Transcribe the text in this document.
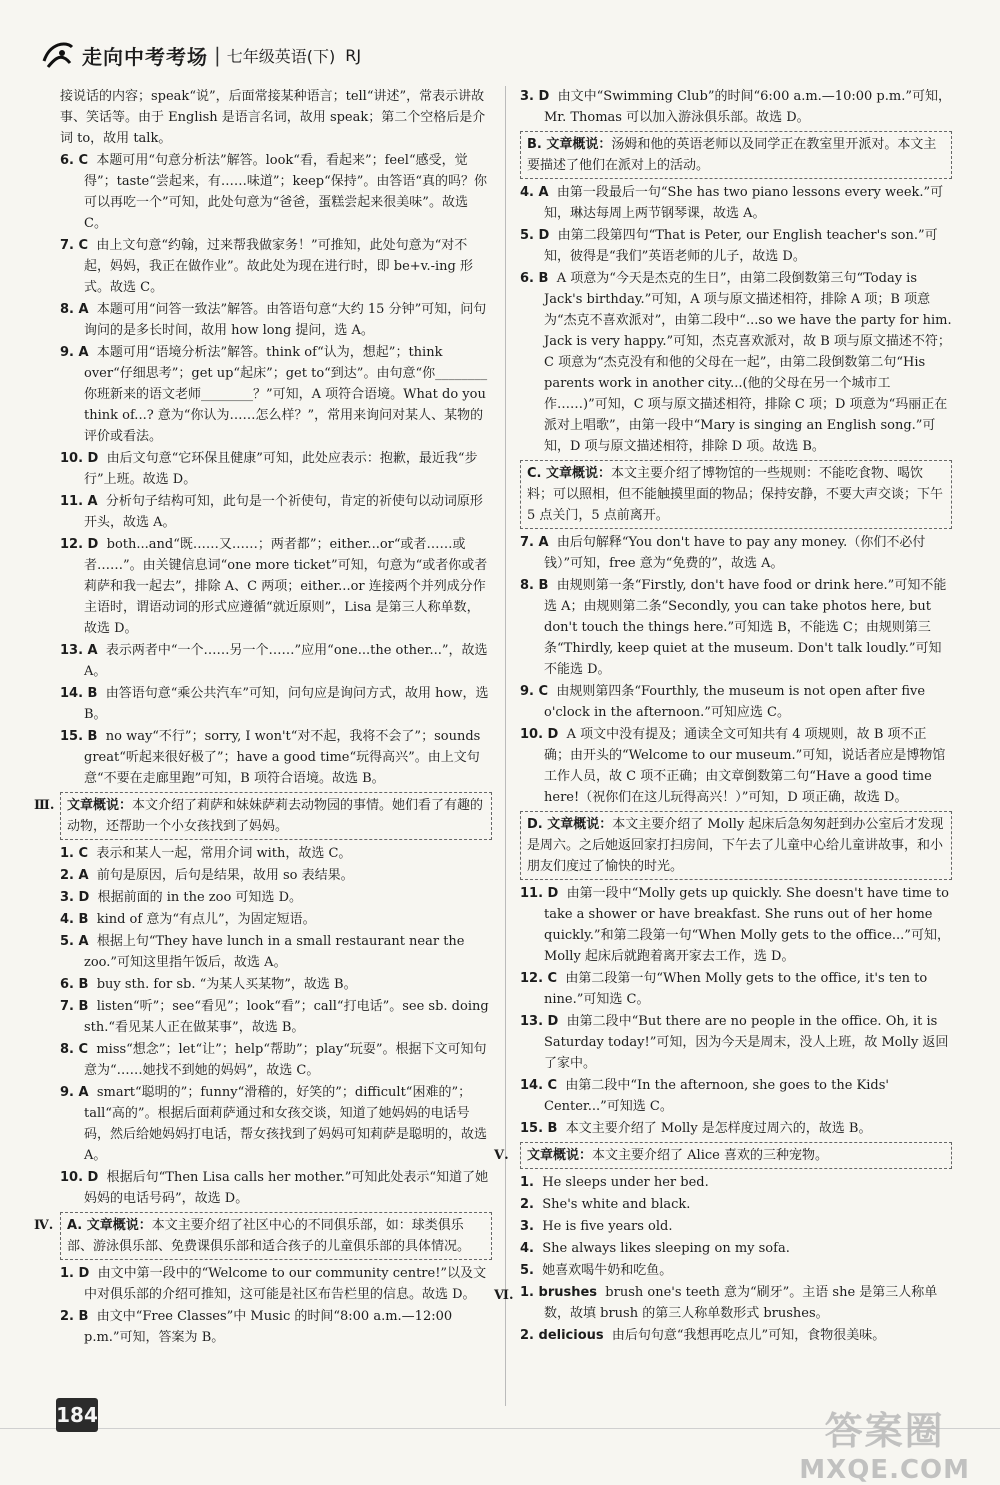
走向中考考场 | 七年级英语(下) RJ
接说话的内容；speak“说”，后面常接某种语言；tell“讲述”，常表示讲故事、笑话等。由于 English 是语言名词，故用 speak；第二个空格后是介词 to，故用 talk。
6. C 本题可用“句意分析法”解答。look“看，看起来”；feel“感受，觉得”；taste“尝起来，有……味道”；keep“保持”。由答语“真的吗？你可以再吃一个”可知，此处句意为“爸爸，蛋糕尝起来很美味”。故选 C。
7. C 由上文句意“约翰，过来帮我做家务！”可推知，此处句意为“对不起，妈妈，我正在做作业”。故此处为现在进行时，即 be+v.-ing 形式。故选 C。
8. A 本题可用“问答一致法”解答。由答语句意“大约 15 分钟”可知，问句询问的是多长时间，故用 how long 提问，选 A。
9. A 本题可用“语境分析法”解答。think of“认为，想起”；think over“仔细思考”；get up“起床”；get to“到达”。由句意“你________你班新来的语文老师________？”可知，A 项符合语境。What do you think of...? 意为“你认为……怎么样？”，常用来询问对某人、某物的评价或看法。
10. D 由后文句意“它环保且健康”可知，此处应表示：抱歉，最近我“步行”上班。故选 D。
11. A 分析句子结构可知，此句是一个祈使句，肯定的祈使句以动词原形开头，故选 A。
12. D both...and“既……又……；两者都”；either...or“或者……或者……”。由关键信息词“one more ticket”可知，句意为“或者你或者莉萨和我一起去”，排除 A、C 两项；either...or 连接两个并列成分作主语时，谓语动词的形式应遵循“就近原则”，Lisa 是第三人称单数，故选 D。
13. A 表示两者中“一个……另一个……”应用“one...the other...”，故选 A。
14. B 由答语句意“乘公共汽车”可知，问句应是询问方式，故用 how，选 B。
15. B no way“不行”；sorry, I won't“对不起，我将不会了”；sounds great“听起来很好极了”；have a good time“玩得高兴”。由上文句意“不要在走廊里跑”可知，B 项符合语境。故选 B。
Ⅲ. 文章概说：本文介绍了莉萨和妹妹萨莉去动物园的事情。她们看了有趣的动物，还帮助一个小女孩找到了妈妈。
1. C 表示和某人一起，常用介词 with，故选 C。
2. A 前句是原因，后句是结果，故用 so 表结果。
3. D 根据前面的 in the zoo 可知选 D。
4. B kind of 意为“有点儿”，为固定短语。
5. A 根据上句“They have lunch in a small restaurant near the zoo.”可知这里指午饭后，故选 A。
6. B buy sth. for sb. “为某人买某物”，故选 B。
7. B listen“听”；see“看见”；look“看”；call“打电话”。see sb. doing sth.“看见某人正在做某事”，故选 B。
8. C miss“想念”；let“让”；help“帮助”；play“玩耍”。根据下文可知句意为“……她找不到她的妈妈”，故选 C。
9. A smart“聪明的”；funny“滑稽的，好笑的”；difficult“困难的”；tall“高的”。根据后面莉萨通过和女孩交谈，知道了她妈妈的电话号码，然后给她妈妈打电话，帮女孩找到了妈妈可知莉萨是聪明的，故选 A。
10. D 根据后句“Then Lisa calls her mother.”可知此处表示“知道了她妈妈的电话号码”，故选 D。
Ⅳ.	A. 文章概说：本文主要介绍了社区中心的不同俱乐部，如：球类俱乐部、游泳俱乐部、免费课俱乐部和适合孩子的儿童俱乐部的具体情况。
1. D 由文中第一段中的“Welcome to our community centre!”以及文中对俱乐部的介绍可推知，这可能是社区布告栏里的信息。故选 D。
2. B 由文中“Free Classes”中 Music 的时间“8:00 a.m.—12:00 p.m.”可知，答案为 B。
3. D 由文中“Swimming Club”的时间“6:00 a.m.—10:00 p.m.”可知，Mr. Thomas 可以加入游泳俱乐部。故选 D。
B. 文章概说：汤姆和他的英语老师以及同学正在教室里开派对。本文主要描述了他们在派对上的活动。
4. A 由第一段最后一句“She has two piano lessons every week.”可知，琳达每周上两节钢琴课，故选 A。
5. D 由第二段第四句“That is Peter, our English teacher's son.”可知，彼得是“我们”英语老师的儿子，故选 D。
6. B A 项意为“今天是杰克的生日”，由第二段倒数第三句“Today is Jack's birthday.”可知，A 项与原文描述相符，排除 A 项；B 项意为“杰克不喜欢派对”，由第二段中“...so we have the party for him. Jack is very happy.”可知，杰克喜欢派对，故 B 项与原文描述不符；C 项意为“杰克没有和他的父母在一起”，由第二段倒数第二句“His parents work in another city...(他的父母在另一个城市工作……)”可知，C 项与原文描述相符，排除 C 项；D 项意为“玛丽正在派对上唱歌”，由第一段中“Mary is singing an English song.”可知，D 项与原文描述相符，排除 D 项。故选 B。
C. 文章概说：本文主要介绍了博物馆的一些规则：不能吃食物、喝饮料；可以照相，但不能触摸里面的物品；保持安静，不要大声交谈；下午 5 点关门，5 点前离开。
7. A 由后句解释“You don't have to pay any money.（你们不必付钱）”可知，free 意为“免费的”，故选 A。
8. B 由规则第一条“Firstly, don't have food or drink here.”可知不能选 A；由规则第二条“Secondly, you can take photos here, but don't touch the things here.”可知选 B，不能选 C；由规则第三条“Thirdly, keep quiet at the museum. Don't talk loudly.”可知不能选 D。
9. C 由规则第四条“Fourthly, the museum is not open after five o'clock in the afternoon.”可知应选 C。
10. D A 项文中没有提及；通读全文可知共有 4 项规则，故 B 项不正确；由开头的“Welcome to our museum.”可知，说话者应是博物馆工作人员，故 C 项不正确；由文章倒数第二句“Have a good time here!（祝你们在这儿玩得高兴！）”可知，D 项正确，故选 D。
D. 文章概说：本文主要介绍了 Molly 起床后急匆匆赶到办公室后才发现是周六。之后她返回家打扫房间，下午去了儿童中心给儿童讲故事，和小朋友们度过了愉快的时光。
11. D 由第一段中“Molly gets up quickly. She doesn't have time to take a shower or have breakfast. She runs out of her home quickly.”和第二段第一句“When Molly gets to the office...”可知，Molly 起床后就跑着离开家去工作，选 D。
12. C 由第二段第一句“When Molly gets to the office, it's ten to nine.”可知选 C。
13. D 由第二段中“But there are no people in the office. Oh, it is Saturday today!”可知，因为今天是周末，没人上班，故 Molly 返回了家中。
14. C 由第二段中“In the afternoon, she goes to the Kids' Center...”可知选 C。
15. B 本文主要介绍了 Molly 是怎样度过周六的，故选 B。
Ⅴ.	文章概说：本文主要介绍了 Alice 喜欢的三种宠物。
1. He sleeps under her bed.
2. She's white and black.
3. He is five years old.
4. She always likes sleeping on my sofa.
5. 她喜欢喝牛奶和吃鱼。
Ⅵ. 1. brushes brush one's teeth 意为“刷牙”。主语 she 是第三人称单数，故填 brush 的第三人称单数形式 brushes。
2. delicious 由后句句意“我想再吃点儿”可知，食物很美味。
184	答案圈
MXQE.COM
